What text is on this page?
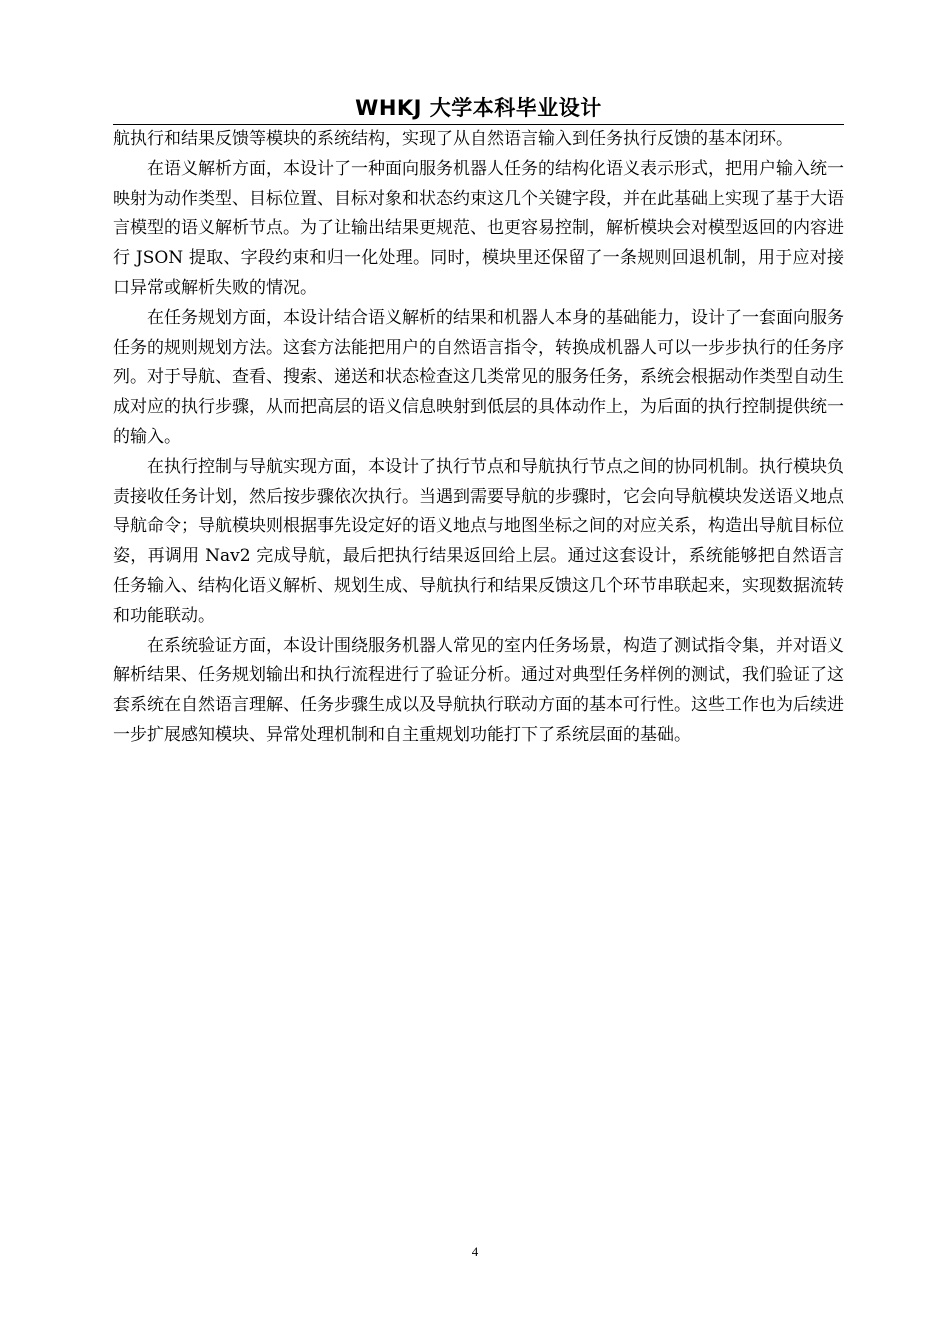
WHKJ 大学本科毕业设计

航执行和结果反馈等模块的系统结构，实现了从自然语言输入到任务执行反馈的基本闭环。

在语义解析方面，本设计了一种面向服务机器人任务的结构化语义表示形式，把用户输入统一映射为动作类型、目标位置、目标对象和状态约束这几个关键字段，并在此基础上实现了基于大语言模型的语义解析节点。为了让输出结果更规范、也更容易控制，解析模块会对模型返回的内容进行 JSON 提取、字段约束和归一化处理。同时，模块里还保留了一条规则回退机制，用于应对接口异常或解析失败的情况。

在任务规划方面，本设计结合语义解析的结果和机器人本身的基础能力，设计了一套面向服务任务的规则规划方法。这套方法能把用户的自然语言指令，转换成机器人可以一步步执行的任务序列。对于导航、查看、搜索、递送和状态检查这几类常见的服务任务，系统会根据动作类型自动生成对应的执行步骤，从而把高层的语义信息映射到低层的具体动作上，为后面的执行控制提供统一的输入。

在执行控制与导航实现方面，本设计了执行节点和导航执行节点之间的协同机制。执行模块负责接收任务计划，然后按步骤依次执行。当遇到需要导航的步骤时，它会向导航模块发送语义地点导航命令；导航模块则根据事先设定好的语义地点与地图坐标之间的对应关系，构造出导航目标位姿，再调用 Nav2 完成导航，最后把执行结果返回给上层。通过这套设计，系统能够把自然语言任务输入、结构化语义解析、规划生成、导航执行和结果反馈这几个环节串联起来，实现数据流转和功能联动。

在系统验证方面，本设计围绕服务机器人常见的室内任务场景，构造了测试指令集，并对语义解析结果、任务规划输出和执行流程进行了验证分析。通过对典型任务样例的测试，我们验证了这套系统在自然语言理解、任务步骤生成以及导航执行联动方面的基本可行性。这些工作也为后续进一步扩展感知模块、异常处理机制和自主重规划功能打下了系统层面的基础。

4
